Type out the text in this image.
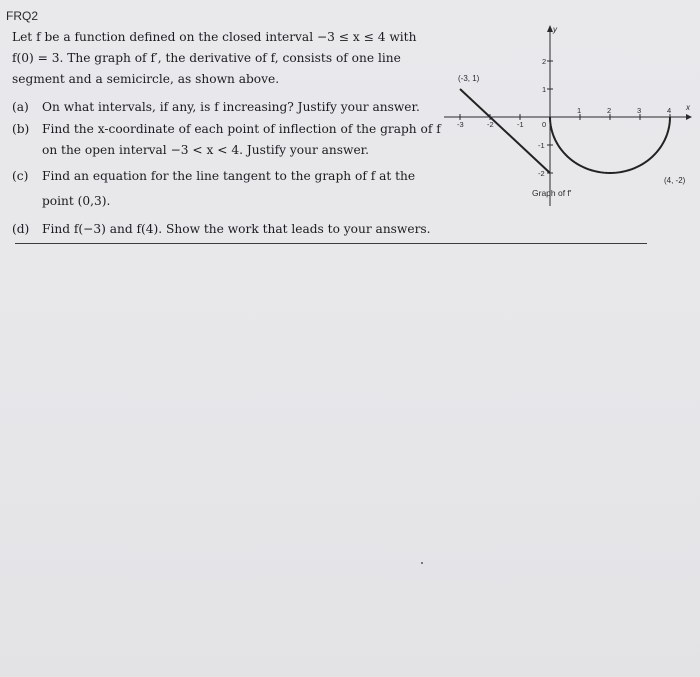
FRQ2

Let f be a function defined on the closed interval −3 ≤ x ≤ 4 with

f(0) = 3. The graph of f′, the derivative of f, consists of one line

segment and a semicircle, as shown above.

(a)	On what intervals, if any, is f increasing? Justify your answer.
(b)	Find the x-coordinate of each point of inflection of the graph of f
on the open interval −3 < x < 4. Justify your answer.
(c)	Find an equation for the line tangent to the graph of f at the
point (0,3).
(d)	Find f(−3) and f(4). Show the work that leads to your answers.
x
y
-3	-2	-1 0
1	2	3	4
2
1
-1
-2
(-3, 1)
(4, -2)
Graph of f′
